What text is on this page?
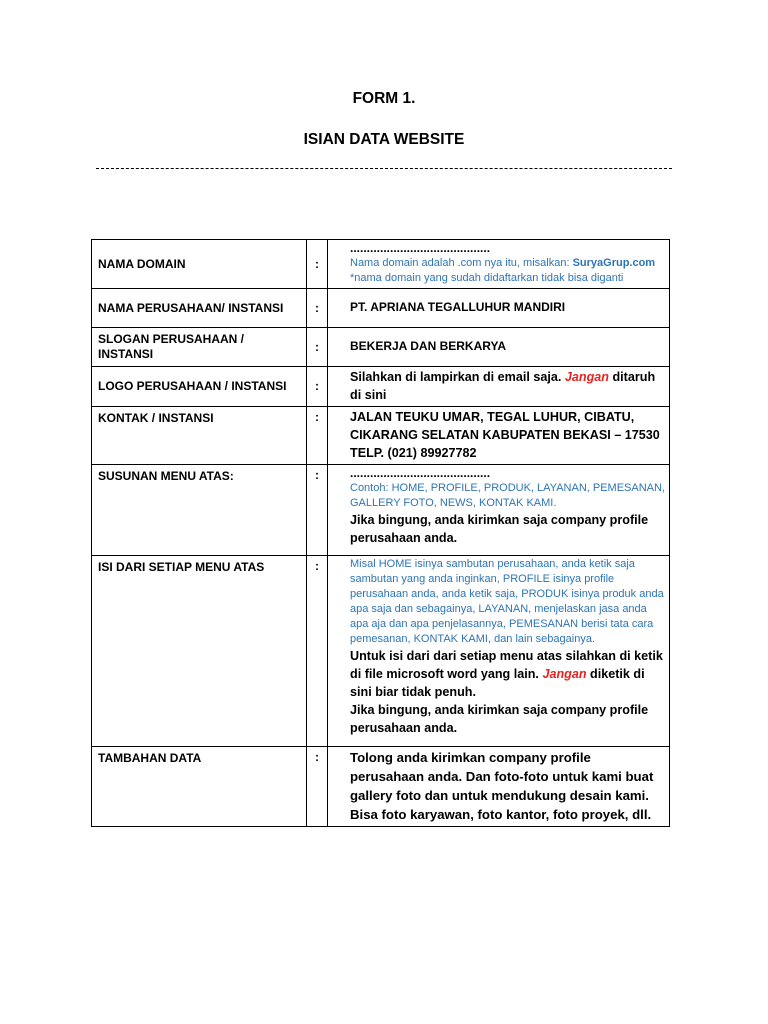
FORM 1.
ISIAN DATA WEBSITE
NAMA DOMAIN	:	..........................................
Nama domain adalah .com nya itu, misalkan: SuryaGrup.com
*nama domain yang sudah didaftarkan tidak bisa diganti

NAMA PERUSAHAAN/ INSTANSI	:	PT. APRIANA TEGALLUHUR MANDIRI
SLOGAN PERUSAHAAN / INSTANSI	:	BEKERJA DAN BERKARYA
LOGO PERUSAHAAN / INSTANSI	:	Silahkan di lampirkan di email saja. Jangan ditaruh di sini
KONTAK / INSTANSI	:	JALAN TEUKU UMAR, TEGAL LUHUR, CIBATU, CIKARANG SELATAN KABUPATEN BEKASI – 17530 TELP. (021) 89927782
SUSUNAN MENU ATAS:	:	..........................................
Contoh: HOME, PROFILE, PRODUK, LAYANAN, PEMESANAN, GALLERY FOTO, NEWS, KONTAK KAMI.
Jika bingung, anda kirimkan saja company profile perusahaan anda.

ISI DARI SETIAP MENU ATAS	:	Misal HOME isinya sambutan perusahaan, anda ketik saja sambutan yang anda inginkan, PROFILE isinya profile perusahaan anda, anda ketik saja, PRODUK isinya produk anda apa saja dan sebagainya, LAYANAN, menjelaskan jasa anda apa aja dan apa penjelasannya, PEMESANAN berisi tata cara pemesanan, KONTAK KAMI, dan lain sebagainya.
Untuk isi dari dari setiap menu atas silahkan di ketik di file microsoft word yang lain. Jangan diketik di sini biar tidak penuh.
Jika bingung, anda kirimkan saja company profile perusahaan anda.

TAMBAHAN DATA	:	Tolong anda kirimkan company profile perusahaan anda. Dan foto-foto untuk kami buat gallery foto dan untuk mendukung desain kami. Bisa foto karyawan, foto kantor, foto proyek, dll.
